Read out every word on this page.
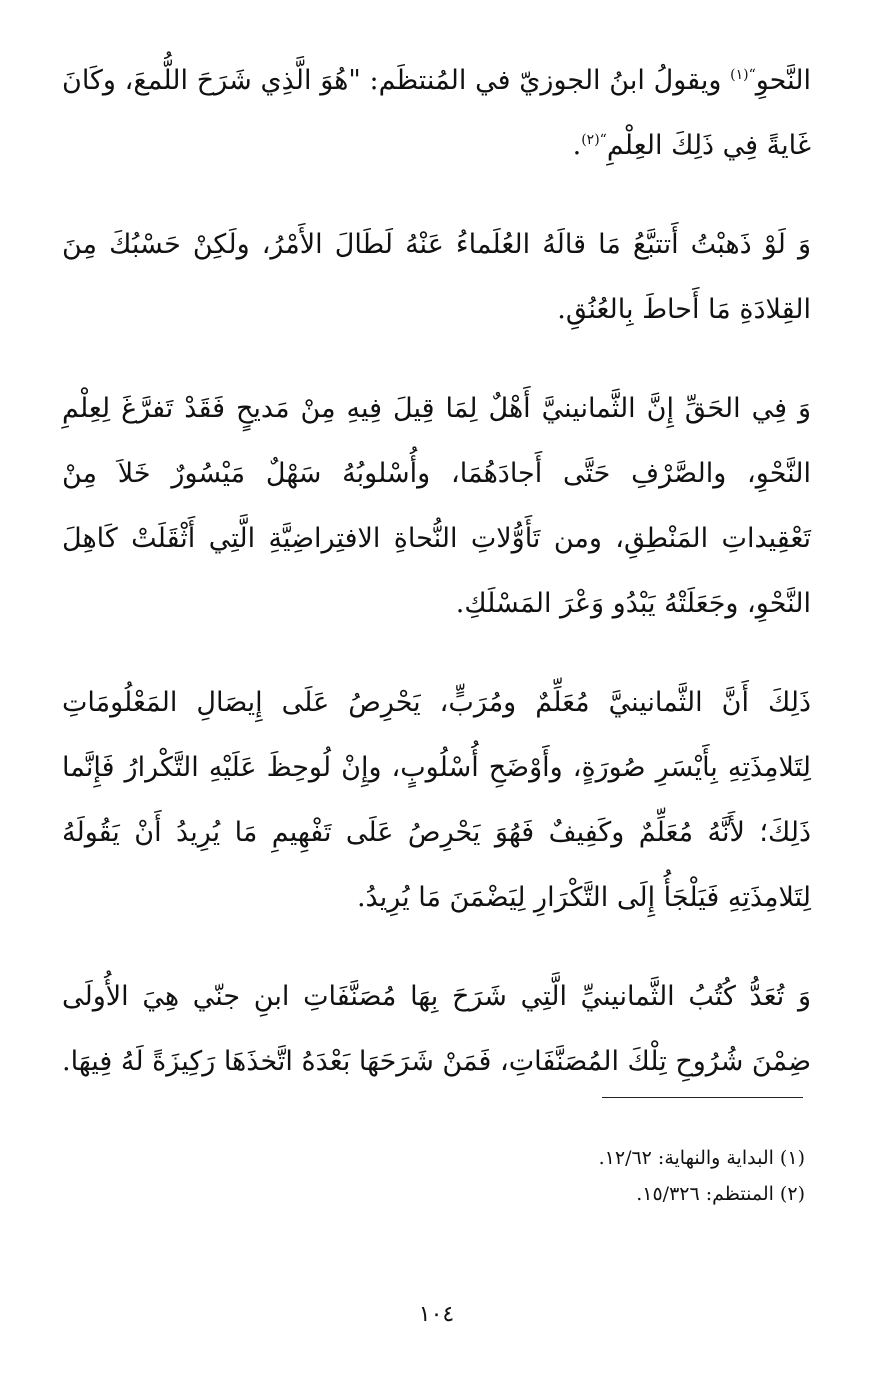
النَّحوِ$^{“(١)}$ ويقولُ ابنُ الجوزيّ في المُنتظَم: "هُوَ الَّذِي شَرَحَ اللُّمعَ، وكَانَ غَايةً فِي ذَلِكَ العِلْمِ$^{“(٢)}$.

وَ لَوْ ذَهبْتُ أَتتبَّعُ مَا قالَهُ العُلَماءُ عَنْهُ لَطَالَ الأَمْرُ، ولَكِنْ حَسْبُكَ مِنَ القِلادَةِ مَا أَحاطَ بِالعُنُقِ.

وَ فِي الحَقِّ إِنَّ الثَّمانينيَّ أَهْلٌ لِمَا قِيلَ فِيهِ مِنْ مَديحٍ فَقَدْ تَفرَّغَ لِعِلْمِ النَّحْوِ، والصَّرْفِ حَتَّى أَجادَهُمَا، وأُسْلوبُهُ سَهْلٌ مَيْسُورٌ خَلاَ مِنْ تَعْقِيداتِ المَنْطِقِ، ومن تَأَوُّلاتِ النُّحاةِ الافتِراضِيَّةِ الَّتِي أَثْقَلَتْ كَاهِلَ النَّحْوِ، وجَعَلَتْهُ يَبْدُو وَعْرَ المَسْلَكِ.

ذَلِكَ أَنَّ الثَّمانينيَّ مُعَلِّمٌ ومُرَبٍّ، يَحْرِصُ عَلَى إِيصَالِ المَعْلُومَاتِ لِتَلامِذَتِهِ بِأَيْسَرِ صُورَةٍ، وأَوْضَحِ أُسْلُوبٍ، وإِنْ لُوحِظَ عَلَيْهِ التَّكْرارُ فَإِنَّما ذَلِكَ؛ لأَنَّهُ مُعَلِّمٌ وكَفِيفٌ فَهُوَ يَحْرِصُ عَلَى تَفْهِيمِ مَا يُرِيدُ أَنْ يَقُولَهُ لِتَلامِذَتِهِ فَيَلْجَأُ إِلَى التَّكْرَارِ لِيَضْمَنَ مَا يُرِيدُ.

وَ تُعَدُّ كُتُبُ الثَّمانينيِّ الَّتِي شَرَحَ بِهَا مُصَنَّفَاتِ ابنِ جنّي هِيَ الأُولَى ضِمْنَ شُرُوحِ تِلْكَ المُصَنَّفَاتِ، فَمَنْ شَرَحَهَا بَعْدَهُ اتَّخذَهَا رَكِيزَةً لَهُ فِيهَا.

(١) البداية والنهاية: ١٢/٦٢.
(٢) المنتظم: ١٥/٣٢٦.
١٠٤
